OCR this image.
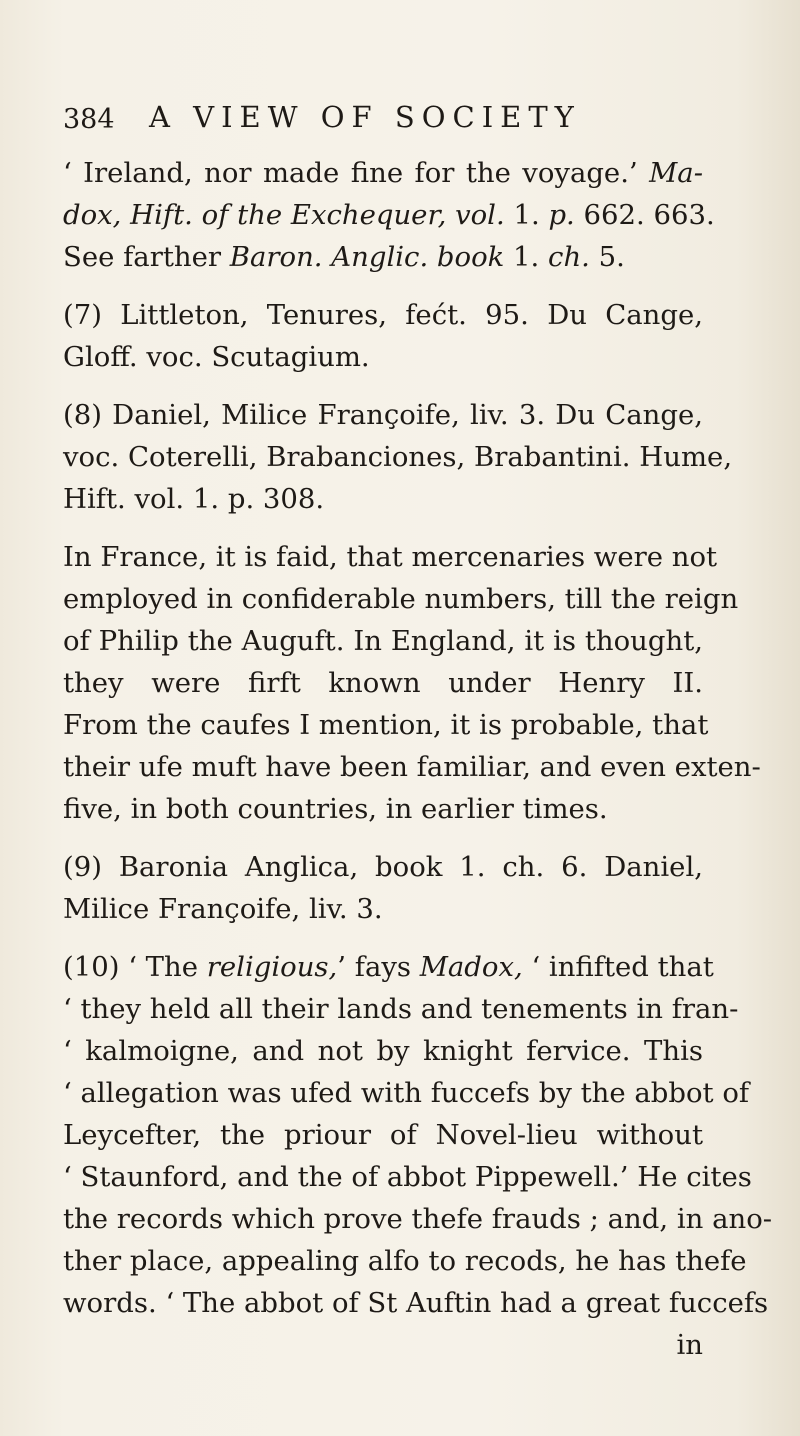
384 A VIEW OF SOCIETY
‘ Ireland, nor made fine for the voyage.’ Ma-
dox, Hift. of the Exchequer, vol. 1. p. 662. 663.
See farther Baron. Anglic. book 1. ch. 5.
(7) Littleton, Tenures, fećt. 95. Du Cange,
Gloff. voc. Scutagium.
(8) Daniel, Milice Françoife, liv. 3. Du Cange,
voc. Coterelli, Brabanciones, Brabantini. Hume,
Hift. vol. 1. p. 308.
In France, it is faid, that mercenaries were not
employed in confiderable numbers, till the reign
of Philip the Auguft. In England, it is thought,
they were firft known under Henry II.
From the caufes I mention, it is probable, that
their ufe muft have been familiar, and even exten-
five, in both countries, in earlier times.
(9) Baronia Anglica, book 1. ch. 6. Daniel,
Milice Françoife, liv. 3.
(10) ‘ The religious,’ fays Madox, ‘ infifted that
‘ they held all their lands and tenements in fran-
‘ kalmoigne, and not by knight fervice. This
‘ allegation was ufed with fuccefs by the abbot of
Leycefter, the priour of Novel-lieu without
‘ Staunford, and the of abbot Pippewell.’ He cites
the records which prove thefe frauds ; and, in ano-
ther place, appealing alfo to recods, he has thefe
words. ‘ The abbot of St Auftin had a great fuccefs
in
